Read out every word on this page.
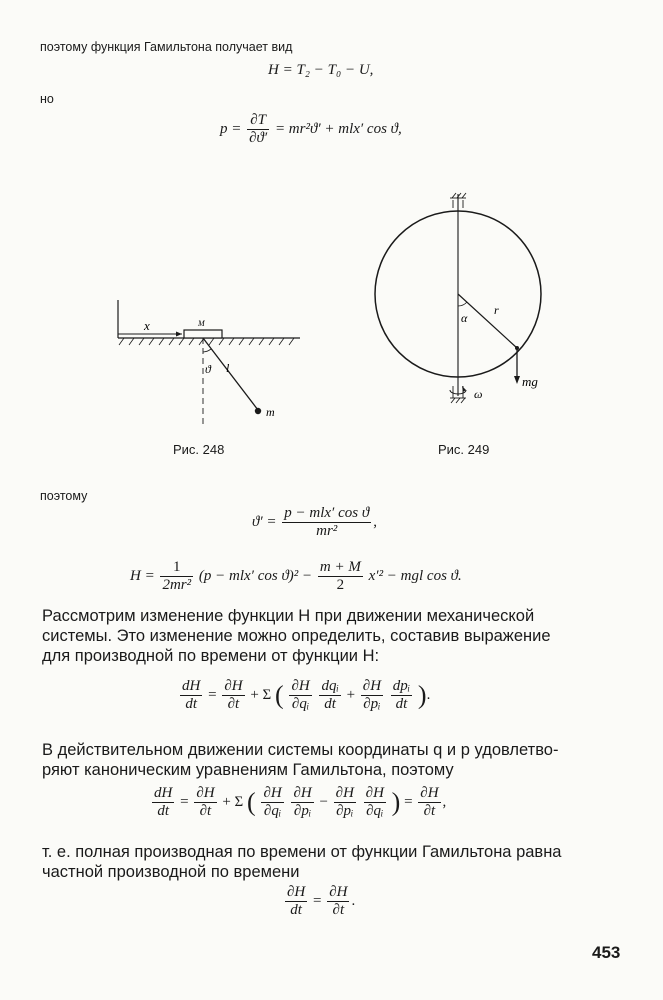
поэтому функция Гамильтона получает вид
H = T₂ − T₀ − U,
но
$p = \frac{\partial T}{\partial ϑ'} = mr^2ϑ' + mlx'$ cos ϑ,
x	M
ϑ l
m
Рис. 248
α
r
mg
ω
Рис. 249
поэтому
$ϑ' = \frac{\text{p − mlx′ cos ϑ}}{\text{mr²}}$ ,
$H = \frac{1}{\text{2mr²}} (p - mlx'$ $\cos ϑ)^2 - \frac{m + M}{2} x'^2$ − mgl cos ϑ.
Рассмотрим изменение функции H при движении механической
системы. Это изменение можно определить, составив выражение
для производной по времени от функции H:
$\frac{dH}{dt} = \frac{\partial H}{\partial t} + \Sigma$ ( $\frac{\partial H}{\text{∂qᵢ}}$
$\frac{\text{dqᵢ}}{dt} + \frac{\partial H}{\text{∂pᵢ}}$
$\frac{\text{dpᵢ}}{dt}$ ).
В действительном движении системы координаты q и p удовлетво-
ряют каноническим уравнениям Гамильтона, поэтому
$\frac{dH}{dt} = \frac{\partial H}{\partial t} + \Sigma$ ( $\frac{\partial H}{\text{∂qᵢ}}$
$\frac{\partial H}{\text{∂pᵢ}} - \frac{\partial H}{\text{∂pᵢ}}$
$\frac{\partial H}{\text{∂qᵢ}}$ ) = $\frac{\partial H}{\partial t}$ ,
т. е. полная производная по времени от функции Гамильтона равна
частной производной по времени
$\frac{\partial H}{dt} = \frac{\partial H}{\partial t}$ .
453
